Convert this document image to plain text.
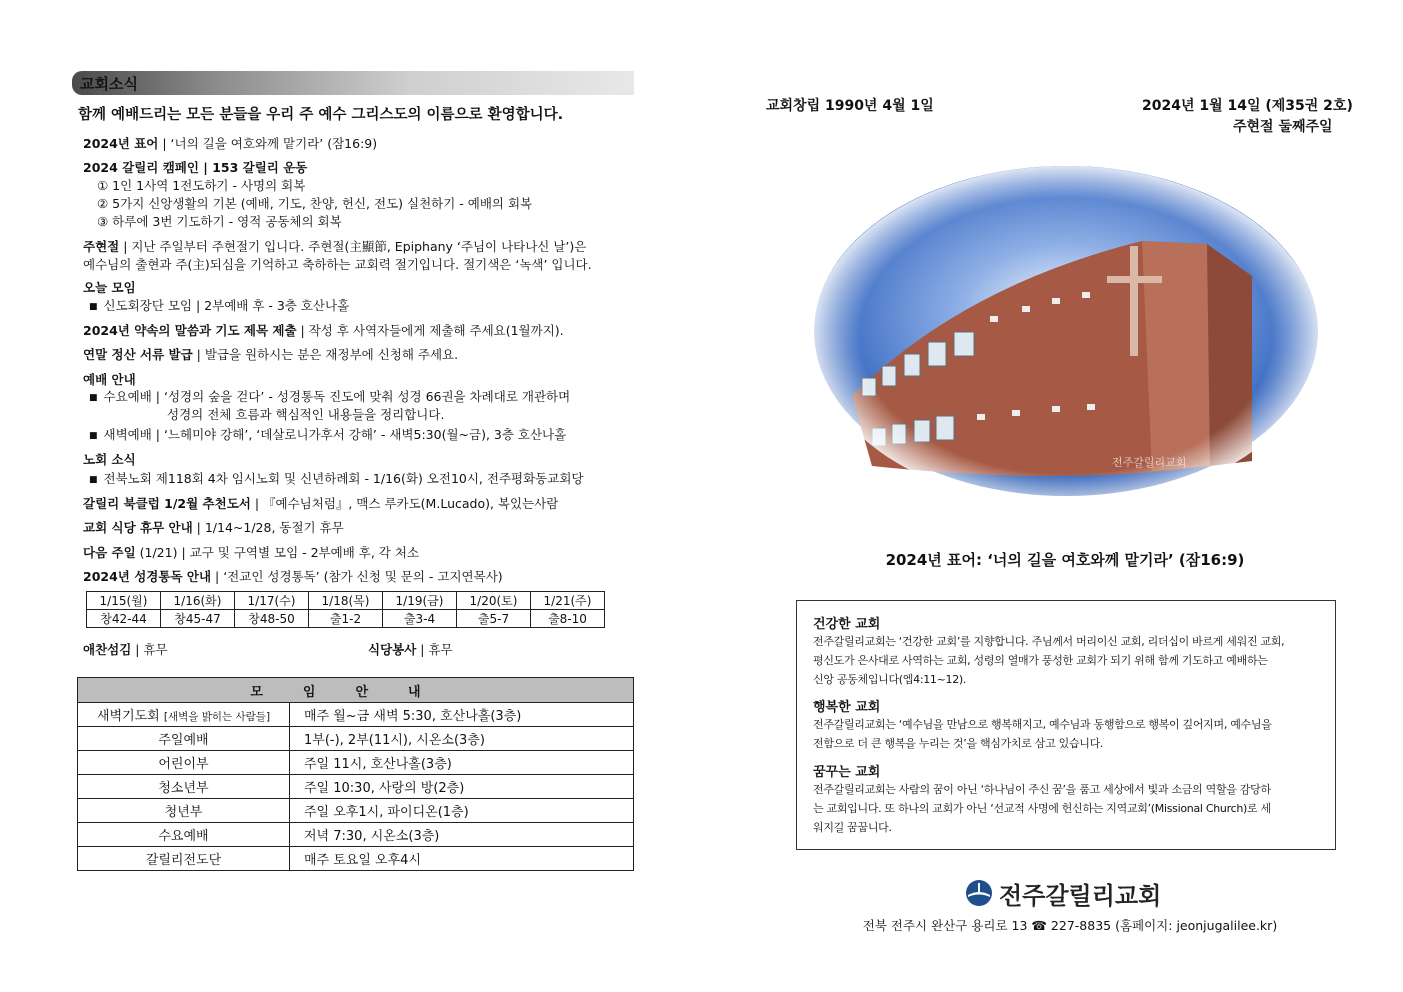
교회소식
함께 예배드리는 모든 분들을 우리 주 예수 그리스도의 이름으로 환영합니다.
2024년 표어 | ‘너의 길을 여호와께 맡기라’ (잠16:9)
2024 갈릴리 캠페인 | 153 갈릴리 운동
① 1인 1사역 1전도하기 - 사명의 회복
② 5가지 신앙생활의 기본 (예배, 기도, 찬양, 헌신, 전도) 실천하기 - 예배의 회복
③ 하루에 3번 기도하기 - 영적 공동체의 회복
주현절 | 지난 주일부터 주현절기 입니다. 주현절(主顯節, Epiphany ‘주님이 나타나신 날’)은
예수님의 출현과 주(主)되심을 기억하고 축하하는 교회력 절기입니다. 절기색은 ‘녹색’ 입니다.
오늘 모임
■ 신도회장단 모임 | 2부예배 후 - 3층 호산나홀
2024년 약속의 말씀과 기도 제목 제출 | 작성 후 사역자들에게 제출해 주세요(1월까지).
연말 정산 서류 발급 | 발급을 원하시는 분은 재정부에 신청해 주세요.
예배 안내
■ 수요예배 | ‘성경의 숲을 걷다’ - 성경통독 진도에 맞춰 성경 66권을 차례대로 개관하며
성경의 전체 흐름과 핵심적인 내용들을 정리합니다.
■ 새벽예배 | ‘느헤미야 강해’, ‘데살로니가후서 강해’ - 새벽5:30(월~금), 3층 호산나홀
노회 소식
■ 전북노회 제118회 4차 임시노회 및 신년하례회 - 1/16(화) 오전10시, 전주평화동교회당
갈릴리 북클럽 1/2월 추천도서 | 『예수님처럼』, 맥스 루카도(M.Lucado), 복있는사람
교회 식당 휴무 안내 | 1/14~1/28, 동절기 휴무
다음 주일 (1/21) | 교구 및 구역별 모임 - 2부예배 후, 각 처소
2024년 성경통독 안내 | ‘전교인 성경통독’ (참가 신청 및 문의 - 고지연목사)
1/15(월)	1/16(화)	1/17(수)	1/18(목)	1/19(금)	1/20(토)	1/21(주)
창42-44	창45-47	창48-50	출1-2	출3-4	출5-7	출8-10
애찬섬김 | 휴무	식당봉사 | 휴무
모임안내	
새벽기도회 [새벽을 밝히는 사람들]	매주 월~금 새벽 5:30, 호산나홀(3층)
주일예배	1부(-), 2부(11시), 시온소(3층)
어린이부	주일 11시, 호산나홀(3층)
청소년부	주일 10:30, 사랑의 방(2층)
청년부	주일 오후1시, 파이디온(1층)
수요예배	저녁 7:30, 시온소(3층)
갈릴리전도단	매주 토요일 오후4시
교회창립 1990년 4월 1일	2024년 1월 14일 (제35권 2호)
주현절 둘째주일
2024년 표어: ‘너의 길을 여호와께 맡기라’ (잠16:9)
건강한 교회
전주갈릴리교회는 ‘건강한 교회’를 지향합니다. 주님께서 머리이신 교회, 리더십이 바르게 세워진 교회,
평신도가 은사대로 사역하는 교회, 성령의 열매가 풍성한 교회가 되기 위해 함께 기도하고 예배하는
신앙 공동체입니다(엡4:11~12).
행복한 교회
전주갈릴리교회는 ‘예수님을 만남으로 행복해지고, 예수님과 동행함으로 행복이 깊어지며, 예수님을
전함으로 더 큰 행복을 누리는 것’을 핵심가치로 삼고 있습니다.
꿈꾸는 교회
전주갈릴리교회는 사람의 꿈이 아닌 ‘하나님이 주신 꿈’을 품고 세상에서 빛과 소금의 역할을 감당하
는 교회입니다. 또 하나의 교회가 아닌 ‘선교적 사명에 헌신하는 지역교회’(Missional Church)로 세
워지길 꿈꿉니다.
전주갈릴리교회
전북 전주시 완산구 용리로 13 ☎ 227-8835 (홈페이지: jeonjugalilee.kr)
